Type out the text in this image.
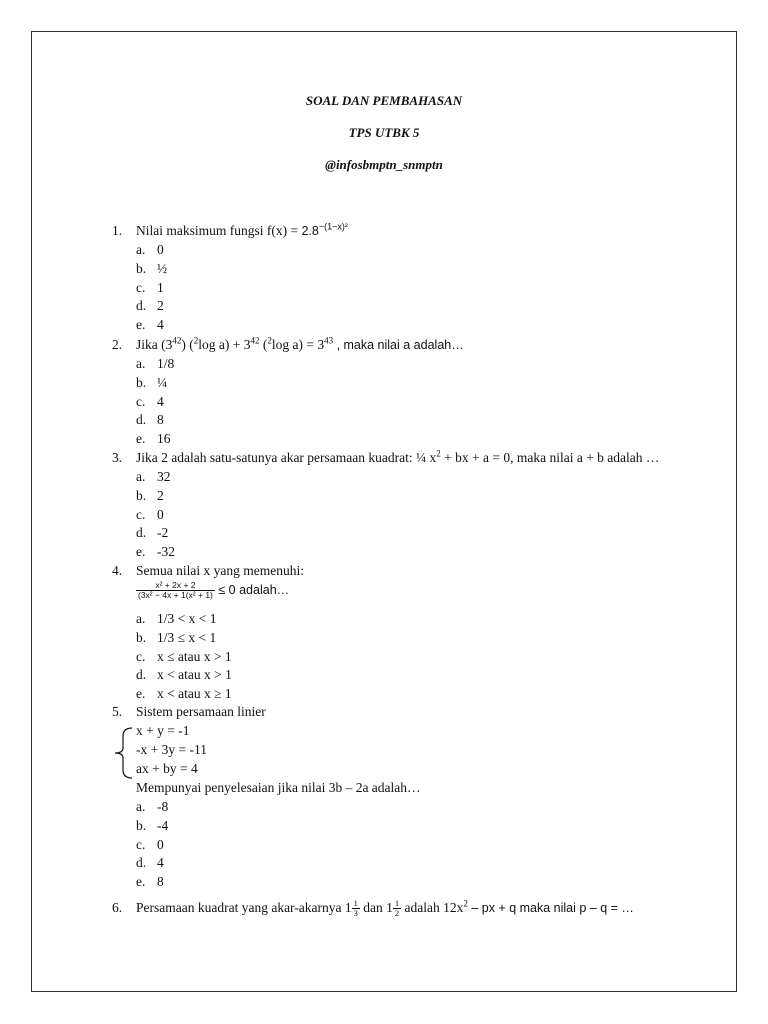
SOAL DAN PEMBAHASAN
TPS UTBK 5
@infosbmptn_snmptn
1.	Nilai maksimum fungsi $f(x) = 2.8^{-(1-x)^2}$
a. 0
b. ½
c. 1
d. 2
e. 4
2.	Jika $(3^{42})$ ($^2$log $a) + 3^{42}$ ($^2$log $a) = 3^{43}$ , maka nilai a adalah…
a. 1/8
b. ¼
c. 4
d. 8
e. 16
3.	Jika 2 adalah satu-satunya akar persamaan kuadrat: ¼ $x^2$ + bx + a = 0, maka nilai a + b adalah …
a. 32
b. 2
c. 0
d. -2
e. -32
4.	Semua nilai x yang memenuhi:
$\frac{\text{x² + 2x + 2}}{\text{(3x² − 4x + 1(x² + 1)}} \le 0$ adalah…
a. 1/3 < x < 1
b. 1/3 ≤ x < 1
c. x ≤ atau x > 1
d. x < atau x > 1
e. x < atau x ≥ 1
5.	Sistem persamaan linier
x + y = -1
-x + 3y = -11
ax + by = 4
Mempunyai penyelesaian jika nilai 3b – 2a adalah…
a. -8
b. -4
c. 0
d. 4
e. 8
6.	Persamaan kuadrat yang akar-akarnya $1 \frac{1}{3}$ dan $1 \frac{1}{2}$ adalah $12x^2$ – px + q maka nilai p – q = …
